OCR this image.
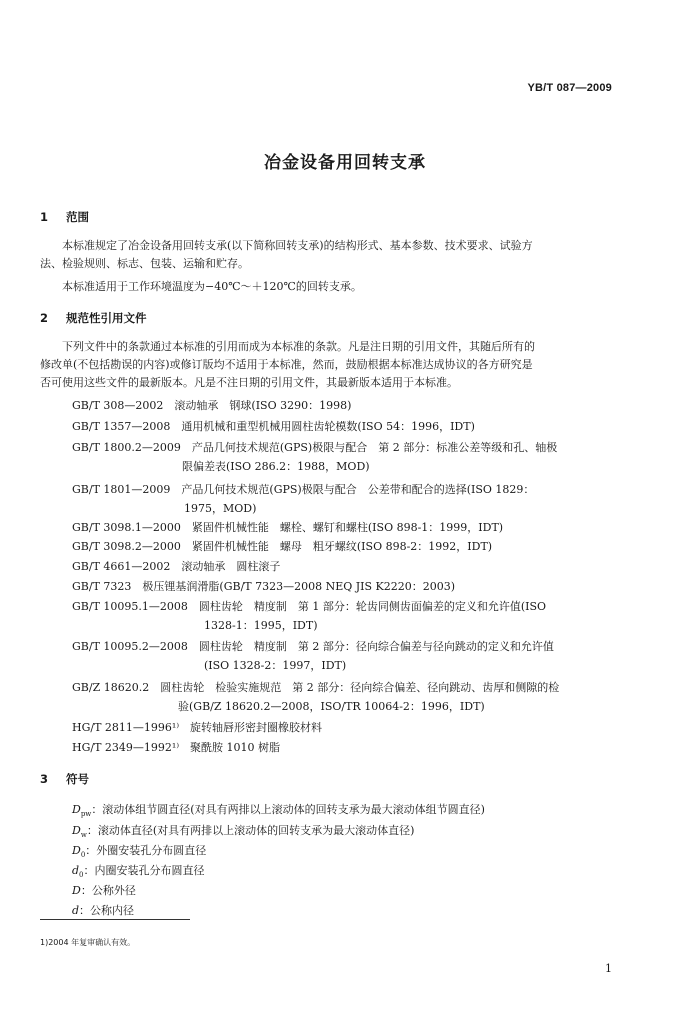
YB/T 087—2009
冶金设备用回转支承
1 范围
本标准规定了冶金设备用回转支承(以下简称回转支承)的结构形式、基本参数、技术要求、试验方
法、检验规则、标志、包装、运输和贮存。
本标准适用于工作环境温度为−40℃～＋120℃的回转支承。
2 规范性引用文件
下列文件中的条款通过本标准的引用而成为本标准的条款。凡是注日期的引用文件，其随后所有的
修改单(不包括勘误的内容)或修订版均不适用于本标准，然而，鼓励根据本标准达成协议的各方研究是
否可使用这些文件的最新版本。凡是不注日期的引用文件，其最新版本适用于本标准。
GB/T 308—2002　滚动轴承　钢球(ISO 3290：1998)
GB/T 1357—2008　通用机械和重型机械用圆柱齿轮模数(ISO 54：1996，IDT)
GB/T 1800.2—2009　产品几何技术规范(GPS)极限与配合　第 2 部分：标准公差等级和孔、轴极
限偏差表(ISO 286.2：1988，MOD)
GB/T 1801—2009　产品几何技术规范(GPS)极限与配合　公差带和配合的选择(ISO 1829：
1975，MOD)
GB/T 3098.1—2000　紧固件机械性能　螺栓、螺钉和螺柱(ISO 898-1：1999，IDT)
GB/T 3098.2—2000　紧固件机械性能　螺母　粗牙螺纹(ISO 898-2：1992，IDT)
GB/T 4661—2002　滚动轴承　圆柱滚子
GB/T 7323　极压锂基润滑脂(GB/T 7323—2008 NEQ JIS K2220：2003)
GB/T 10095.1—2008　圆柱齿轮　精度制　第 1 部分：轮齿同侧齿面偏差的定义和允许值(ISO
1328-1：1995，IDT)
GB/T 10095.2—2008　圆柱齿轮　精度制　第 2 部分：径向综合偏差与径向跳动的定义和允许值
(ISO 1328-2：1997，IDT)
GB/Z 18620.2　圆柱齿轮　检验实施规范　第 2 部分：径向综合偏差、径向跳动、齿厚和侧隙的检
验(GB/Z 18620.2—2008，ISO/TR 10064-2：1996，IDT)
HG/T 2811—1996¹⁾　旋转轴唇形密封圈橡胶材料
HG/T 2349—1992¹⁾　聚酰胺 1010 树脂
3 符号
$D_{pw}$：滚动体组节圆直径(对具有两排以上滚动体的回转支承为最大滚动体组节圆直径)
$D_w$：滚动体直径(对具有两排以上滚动体的回转支承为最大滚动体直径)
$D_0$：外圈安装孔分布圆直径
$d_0$：内圈安装孔分布圆直径
D：公称外径
d：公称内径
1)2004 年复审确认有效。
1
